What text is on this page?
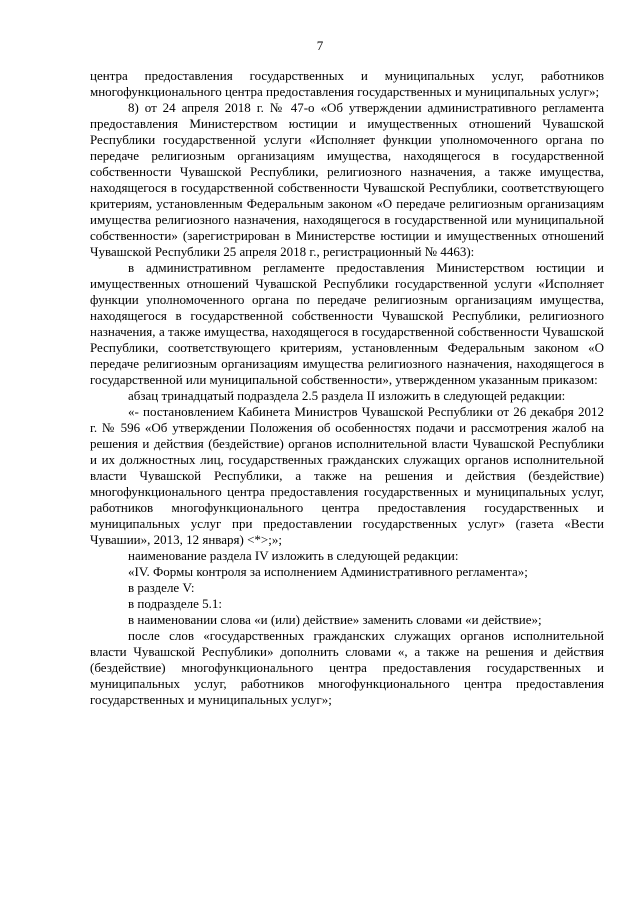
7

центра предоставления государственных и муниципальных услуг, работников многофункционального центра предоставления государственных и муниципальных услуг»;

8) от 24 апреля 2018 г. № 47-о «Об утверждении административного регламента предоставления Министерством юстиции и имущественных отношений Чувашской Республики государственной услуги «Исполняет функции уполномоченного органа по передаче религиозным организациям имущества, находящегося в государственной собственности Чувашской Республики, религиозного назначения, а также имущества, находящегося в государственной собственности Чувашской Республики, соответствующего критериям, установленным Федеральным законом «О передаче религиозным организациям имущества религиозного назначения, находящегося в государственной или муниципальной собственности» (зарегистрирован в Министерстве юстиции и имущественных отношений Чувашской Республики 25 апреля 2018 г., регистрационный № 4463):

в административном регламенте предоставления Министерством юстиции и имущественных отношений Чувашской Республики государственной услуги «Исполняет функции уполномоченного органа по передаче религиозным организациям имущества, находящегося в государственной собственности Чувашской Республики, религиозного назначения, а также имущества, находящегося в государственной собственности Чувашской Республики, соответствующего критериям, установленным Федеральным законом «О передаче религиозным организациям имущества религиозного назначения, находящегося в государственной или муниципальной собственности», утвержденном указанным приказом:

абзац тринадцатый подраздела 2.5 раздела II изложить в следующей редакции:

«- постановлением Кабинета Министров Чувашской Республики от 26 декабря 2012 г. № 596 «Об утверждении Положения об особенностях подачи и рассмотрения жалоб на решения и действия (бездействие) органов исполнительной власти Чувашской Республики и их должностных лиц, государственных гражданских служащих органов исполнительной власти Чувашской Республики, а также на решения и действия (бездействие) многофункционального центра предоставления государственных и муниципальных услуг, работников многофункционального центра предоставления государственных и муниципальных услуг при предоставлении государственных услуг» (газета «Вести Чувашии», 2013, 12 января) <*>;»;

наименование раздела IV изложить в следующей редакции:

«IV. Формы контроля за исполнением Административного регламента»;

в разделе V:

в подразделе 5.1:

в наименовании слова «и (или) действие» заменить словами «и действие»;

после слов «государственных гражданских служащих органов исполнительной власти Чувашской Республики» дополнить словами «, а также на решения и действия (бездействие) многофункционального центра предоставления государственных и муниципальных услуг, работников многофункционального центра предоставления государственных и муниципальных услуг»;
